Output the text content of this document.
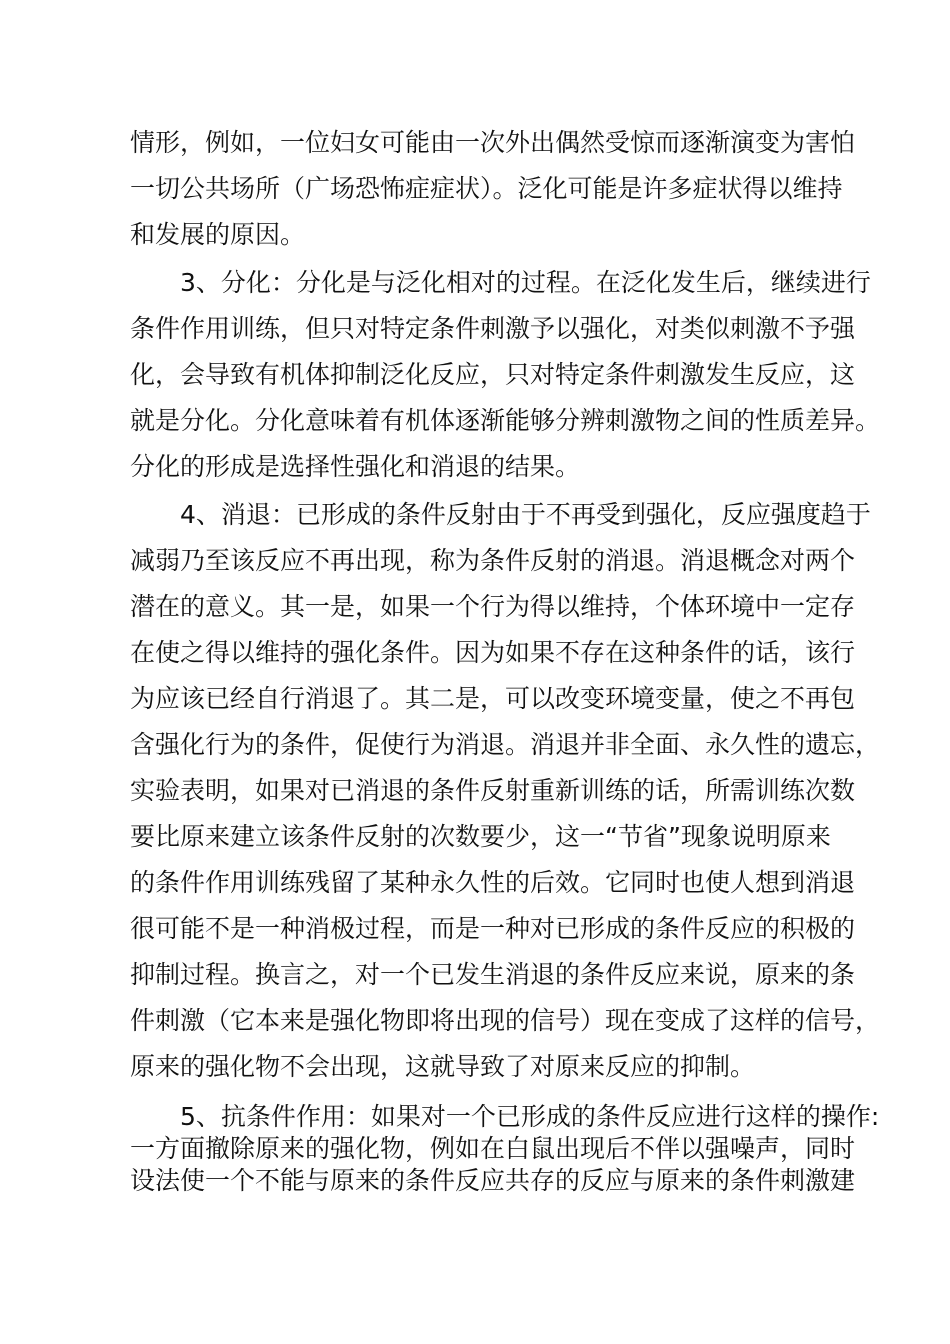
情形，例如，一位妇女可能由一次外出偶然受惊而逐渐演变为害怕
一切公共场所（广场恐怖症症状）。泛化可能是许多症状得以维持
和发展的原因。
3、分化：分化是与泛化相对的过程。在泛化发生后，继续进行
条件作用训练，但只对特定条件刺激予以强化，对类似刺激不予强
化，会导致有机体抑制泛化反应，只对特定条件刺激发生反应，这
就是分化。分化意味着有机体逐渐能够分辨刺激物之间的性质差异。
分化的形成是选择性强化和消退的结果。
4、消退：已形成的条件反射由于不再受到强化，反应强度趋于
减弱乃至该反应不再出现，称为条件反射的消退。消退概念对两个
潜在的意义。其一是，如果一个行为得以维持，个体环境中一定存
在使之得以维持的强化条件。因为如果不存在这种条件的话，该行
为应该已经自行消退了。其二是，可以改变环境变量，使之不再包
含强化行为的条件，促使行为消退。消退并非全面、永久性的遗忘，
实验表明，如果对已消退的条件反射重新训练的话，所需训练次数
要比原来建立该条件反射的次数要少，这一“节省”现象说明原来
的条件作用训练残留了某种永久性的后效。它同时也使人想到消退
很可能不是一种消极过程，而是一种对已形成的条件反应的积极的
抑制过程。换言之，对一个已发生消退的条件反应来说，原来的条
件刺激（它本来是强化物即将出现的信号）现在变成了这样的信号，
原来的强化物不会出现，这就导致了对原来反应的抑制。
5、抗条件作用：如果对一个已形成的条件反应进行这样的操作:
一方面撤除原来的强化物，例如在白鼠出现后不伴以强噪声，同时
设法使一个不能与原来的条件反应共存的反应与原来的条件刺激建
